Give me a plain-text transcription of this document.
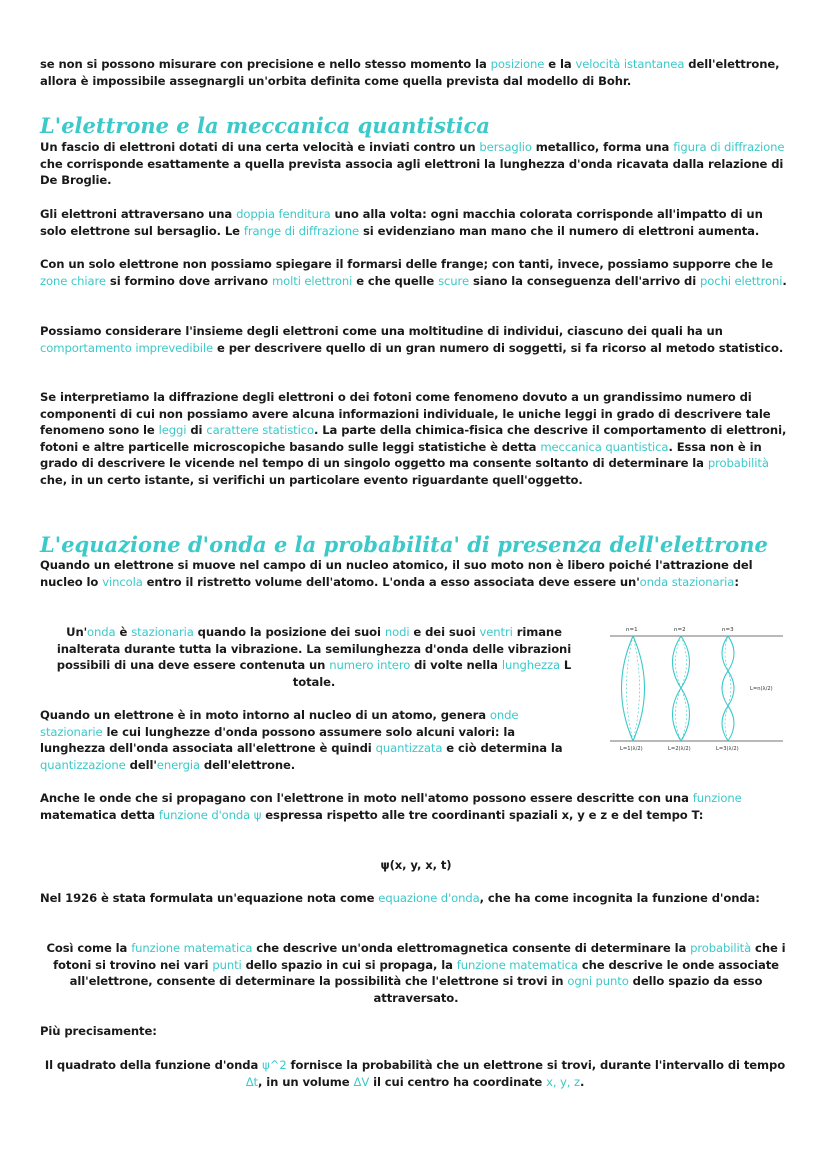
se non si possono misurare con precisione e nello stesso momento la posizione e la velocità istantanea dell'elettrone, allora è impossibile assegnargli un'orbita definita come quella prevista dal modello di Bohr.

L'elettrone e la meccanica quantistica

Un fascio di elettroni dotati di una certa velocità e inviati contro un bersaglio metallico, forma una figura di diffrazione che corrisponde esattamente a quella prevista associa agli elettroni la lunghezza d'onda ricavata dalla relazione di De Broglie.

Gli elettroni attraversano una doppia fenditura uno alla volta: ogni macchia colorata corrisponde all'impatto di un solo elettrone sul bersaglio. Le frange di diffrazione si evidenziano man mano che il numero di elettroni aumenta.

Con un solo elettrone non possiamo spiegare il formarsi delle frange; con tanti, invece, possiamo supporre che le zone chiare si formino dove arrivano molti elettroni e che quelle scure siano la conseguenza dell'arrivo di pochi elettroni.

Possiamo considerare l'insieme degli elettroni come una moltitudine di individui, ciascuno dei quali ha un comportamento imprevedibile e per descrivere quello di un gran numero di soggetti, si fa ricorso al metodo statistico.

Se interpretiamo la diffrazione degli elettroni o dei fotoni come fenomeno dovuto a un grandissimo numero di componenti di cui non possiamo avere alcuna informazioni individuale, le uniche leggi in grado di descrivere tale fenomeno sono le leggi di carattere statistico. La parte della chimica-fisica che descrive il comportamento di elettroni, fotoni e altre particelle microscopiche basando sulle leggi statistiche è detta meccanica quantistica. Essa non è in grado di descrivere le vicende nel tempo di un singolo oggetto ma consente soltanto di determinare la probabilità che, in un certo istante, si verifichi un particolare evento riguardante quell'oggetto.

L'equazione d'onda e la probabilita' di presenza dell'elettrone

Quando un elettrone si muove nel campo di un nucleo atomico, il suo moto non è libero poiché l'attrazione del nucleo lo vincola entro il ristretto volume dell'atomo. L'onda a esso associata deve essere un'onda stazionaria:

Un'onda è stazionaria quando la posizione dei suoi nodi e dei suoi ventri rimane inalterata durante tutta la vibrazione. La semilunghezza d'onda delle vibrazioni possibili di una deve essere contenuta un numero intero di volte nella lunghezza L totale.

Quando un elettrone è in moto intorno al nucleo di un atomo, genera onde stazionarie le cui lunghezze d'onda possono assumere solo alcuni valori: la lunghezza dell'onda associata all'elettrone è quindi quantizzata e ciò determina la quantizzazione dell'energia dell'elettrone.

n=1	n=2	n=3
L=1(λ/2)	L=2(λ/2)	L=3(λ/2)
L=n(λ/2)

Anche le onde che si propagano con l'elettrone in moto nell'atomo possono essere descritte con una funzione matematica detta funzione d'onda ψ espressa rispetto alle tre coordinanti spaziali x, y e z e del tempo T:

ψ(x, y, x, t)

Nel 1926 è stata formulata un'equazione nota come equazione d'onda, che ha come incognita la funzione d'onda:

Così come la funzione matematica che descrive un'onda elettromagnetica consente di determinare la probabilità che i fotoni si trovino nei vari punti dello spazio in cui si propaga, la funzione matematica che descrive le onde associate all'elettrone, consente di determinare la possibilità che l'elettrone si trovi in ogni punto dello spazio da esso attraversato.

Più precisamente:

Il quadrato della funzione d'onda ψ^2 fornisce la probabilità che un elettrone si trovi, durante l'intervallo di tempo Δt, in un volume ΔV il cui centro ha coordinate x, y, z.
